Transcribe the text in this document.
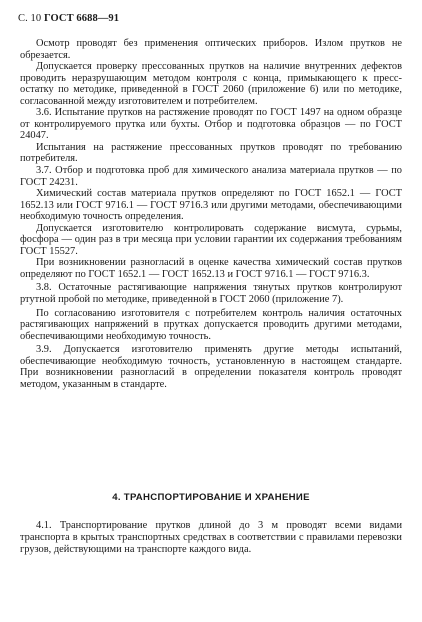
С. 10 ГОСТ 6688—91

Осмотр проводят без применения оптических приборов. Излом прутков не обрезается.

Допускается проверку прессованных прутков на наличие внутренних дефектов проводить неразрушающим методом контроля с конца, примыкающего к пресс-остатку по методике, приведенной в ГОСТ 2060 (приложение 6) или по методике, согласованной между изготовителем и потребителем.

3.6. Испытание прутков на растяжение проводят по ГОСТ 1497 на одном образце от контролируемого прутка или бухты. Отбор и подготовка образцов — по ГОСТ 24047.

Испытания на растяжение прессованных прутков проводят по требованию потребителя.

3.7. Отбор и подготовка проб для химического анализа материала прутков — по ГОСТ 24231.

Химический состав материала прутков определяют по ГОСТ 1652.1 — ГОСТ 1652.13 или ГОСТ 9716.1 — ГОСТ 9716.3 или другими методами, обеспечивающими необходимую точность определения.

Допускается изготовителю контролировать содержание висмута, сурьмы, фосфора — один раз в три месяца при условии гарантии их содержания требованиям ГОСТ 15527.

При возникновении разногласий в оценке качества химический состав прутков определяют по ГОСТ 1652.1 — ГОСТ 1652.13 и ГОСТ 9716.1 — ГОСТ 9716.3.

3.8. Остаточные растягивающие напряжения тянутых прутков контролируют ртутной пробой по методике, приведенной в ГОСТ 2060 (приложение 7).

По согласованию изготовителя с потребителем контроль наличия остаточных растягивающих напряжений в прутках допускается проводить другими методами, обеспечивающими необходимую точность.

3.9. Допускается изготовителю применять другие методы испытаний, обеспечивающие необходимую точность, установленную в настоящем стандарте. При возникновении разногласий в определении показателя контроль проводят методом, указанным в стандарте.

4. ТРАНСПОРТИРОВАНИЕ И ХРАНЕНИЕ

4.1. Транспортирование прутков длиной до 3 м проводят всеми видами транспорта в крытых транспортных средствах в соответствии с правилами перевозки грузов, действующими на транспорте каждого вида.
